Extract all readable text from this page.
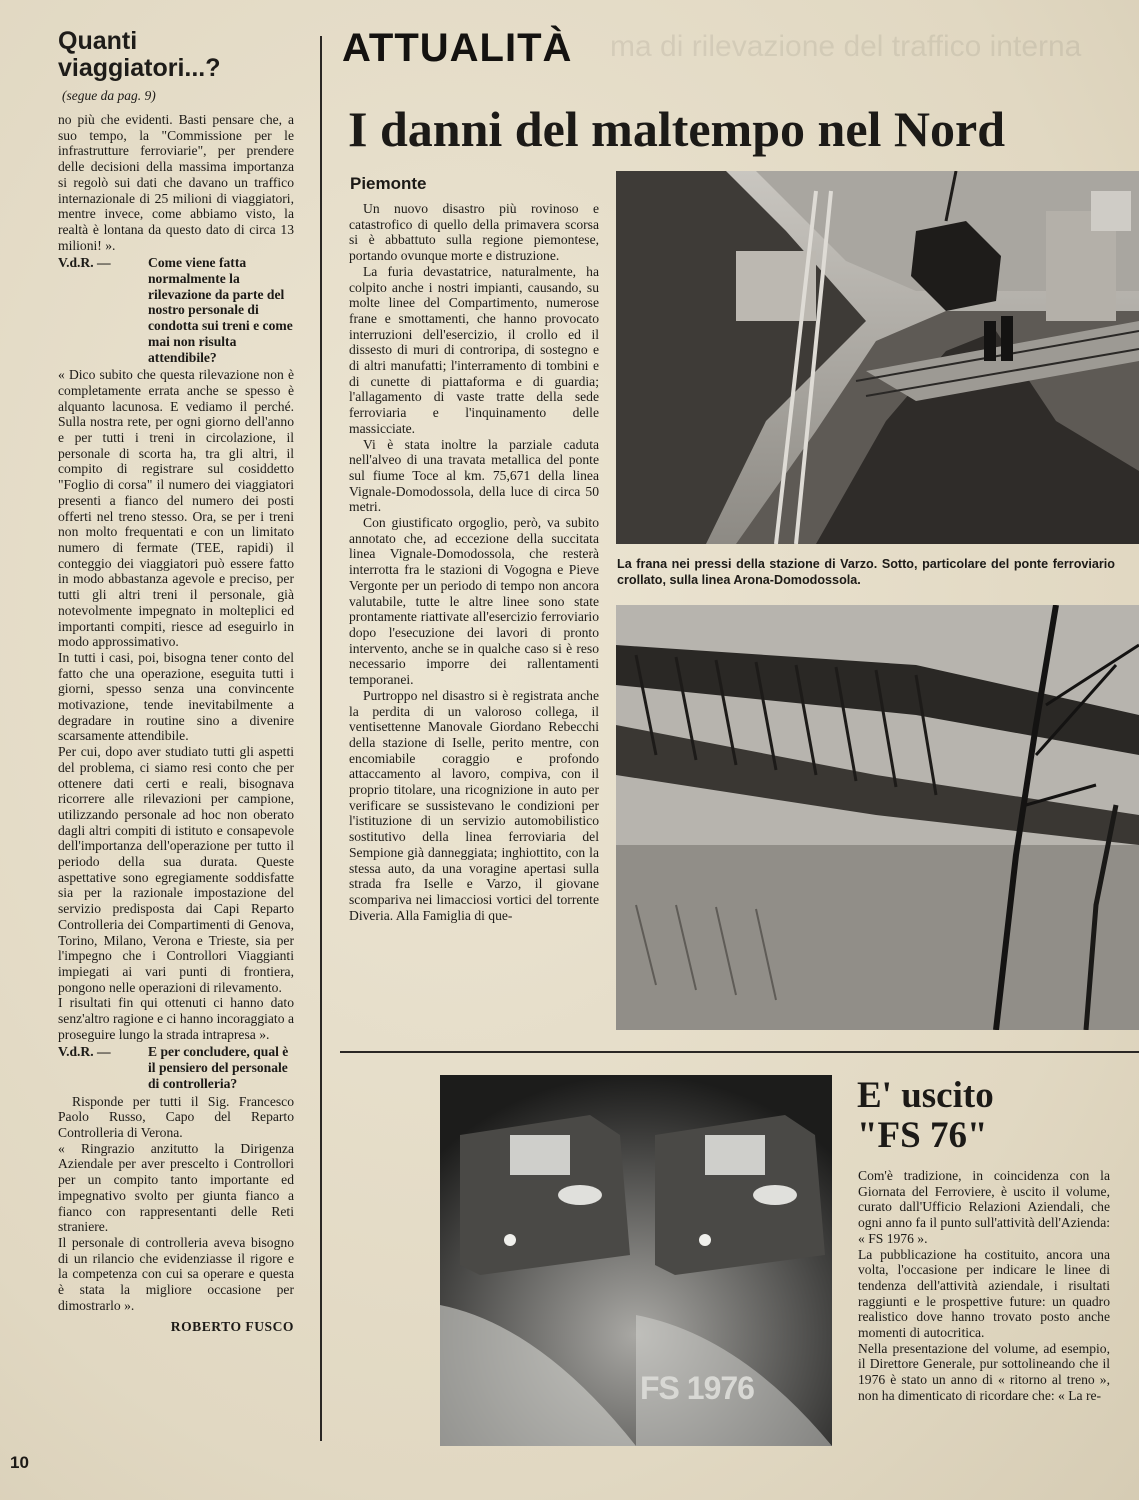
Quanti
viaggiatori...?
(segue da pag. 9)

no più che evidenti. Basti pensare che, a suo tempo, la "Commissione per le infrastrutture ferroviarie", per prendere delle decisioni della massima importanza si regolò sui dati che davano un traffico internazionale di 25 milioni di viaggiatori, mentre invece, come abbiamo visto, la realtà è lontana da questo dato di circa 13 milioni! ».

V.d.R. —	Come viene fatta normalmente la rilevazione da parte del nostro personale di condotta sui treni e come mai non risulta attendibile?

« Dico subito che questa rilevazione non è completamente errata anche se spesso è alquanto lacunosa. E vediamo il perché. Sulla nostra rete, per ogni giorno dell'anno e per tutti i treni in circolazione, il personale di scorta ha, tra gli altri, il compito di registrare sul cosiddetto "Foglio di corsa" il numero dei viaggiatori presenti a fianco del numero dei posti offerti nel treno stesso. Ora, se per i treni non molto frequentati e con un limitato numero di fermate (TEE, rapidi) il conteggio dei viaggiatori può essere fatto in modo abbastanza agevole e preciso, per tutti gli altri treni il personale, già notevolmente impegnato in molteplici ed importanti compiti, riesce ad eseguirlo in modo approssimativo.

In tutti i casi, poi, bisogna tener conto del fatto che una operazione, eseguita tutti i giorni, spesso senza una convincente motivazione, tende inevitabilmente a degradare in routine sino a divenire scarsamente attendibile.

Per cui, dopo aver studiato tutti gli aspetti del problema, ci siamo resi conto che per ottenere dati certi e reali, bisognava ricorrere alle rilevazioni per campione, utilizzando personale ad hoc non oberato dagli altri compiti di istituto e consapevole dell'importanza dell'operazione per tutto il periodo della sua durata. Queste aspettative sono egregiamente soddisfatte sia per la razionale impostazione del servizio predisposta dai Capi Reparto Controlleria dei Compartimenti di Genova, Torino, Milano, Verona e Trieste, sia per l'impegno che i Controllori Viaggianti impiegati ai vari punti di frontiera, pongono nelle operazioni di rilevamento.

I risultati fin qui ottenuti ci hanno dato senz'altro ragione e ci hanno incoraggiato a proseguire lungo la strada intrapresa ».

V.d.R. —	E per concludere, qual è il pensiero del personale di controlleria?

Risponde per tutti il Sig. Francesco Paolo Russo, Capo del Reparto Controlleria di Verona.

« Ringrazio anzitutto la Dirigenza Aziendale per aver prescelto i Controllori per un compito tanto importante ed impegnativo svolto per giunta fianco a fianco con rappresentanti delle Reti straniere.

Il personale di controlleria aveva bisogno di un rilancio che evidenziasse il rigore e la competenza con cui sa operare e questa è stata la migliore occasione per dimostrarlo ».

ROBERTO FUSCO
10
ma di rilevazione del traffico interna
ATTUALITÀ
I danni del maltempo nel Nord
Piemonte

Un nuovo disastro più rovinoso e catastrofico di quello della primavera scorsa si è abbattuto sulla regione piemontese, portando ovunque morte e distruzione.

La furia devastatrice, naturalmente, ha colpito anche i nostri impianti, causando, su molte linee del Compartimento, numerose frane e smottamenti, che hanno provocato interruzioni dell'esercizio, il crollo ed il dissesto di muri di controripa, di sostegno e di altri manufatti; l'interramento di tombini e di cunette di piattaforma e di guardia; l'allagamento di vaste tratte della sede ferroviaria e l'inquinamento delle massicciate.

Vi è stata inoltre la parziale caduta nell'alveo di una travata metallica del ponte sul fiume Toce al km. 75,671 della linea Vignale-Domodossola, della luce di circa 50 metri.

Con giustificato orgoglio, però, va subito annotato che, ad eccezione della succitata linea Vignale-Domodossola, che resterà interrotta fra le stazioni di Vogogna e Pieve Vergonte per un periodo di tempo non ancora valutabile, tutte le altre linee sono state prontamente riattivate all'esercizio ferroviario dopo l'esecuzione dei lavori di pronto intervento, anche se in qualche caso si è reso necessario imporre dei rallentamenti temporanei.

Purtroppo nel disastro si è registrata anche la perdita di un valoroso collega, il ventisettenne Manovale Giordano Rebecchi della stazione di Iselle, perito mentre, con encomiabile coraggio e profondo attaccamento al lavoro, compiva, con il proprio titolare, una ricognizione in auto per verificare se sussistevano le condizioni per l'istituzione di un servizio automobilistico sostitutivo della linea ferroviaria del Sempione già danneggiata; inghiottito, con la stessa auto, da una voragine apertasi sulla strada fra Iselle e Varzo, il giovane scompariva nei limacciosi vortici del torrente Diveria. Alla Famiglia di que-

La frana nei pressi della stazione di Varzo. Sotto, particolare del ponte ferroviario crollato, sulla linea Arona-Domodossola.
FS 1976
E' uscito
"FS 76"

Com'è tradizione, in coincidenza con la Giornata del Ferroviere, è uscito il volume, curato dall'Ufficio Relazioni Aziendali, che ogni anno fa il punto sull'attività dell'Azienda: « FS 1976 ».

La pubblicazione ha costituito, ancora una volta, l'occasione per indicare le linee di tendenza dell'attività aziendale, i risultati raggiunti e le prospettive future: un quadro realistico dove hanno trovato posto anche momenti di autocritica.

Nella presentazione del volume, ad esempio, il Direttore Generale, pur sottolineando che il 1976 è stato un anno di « ritorno al treno », non ha dimenticato di ricordare che: « La re-
